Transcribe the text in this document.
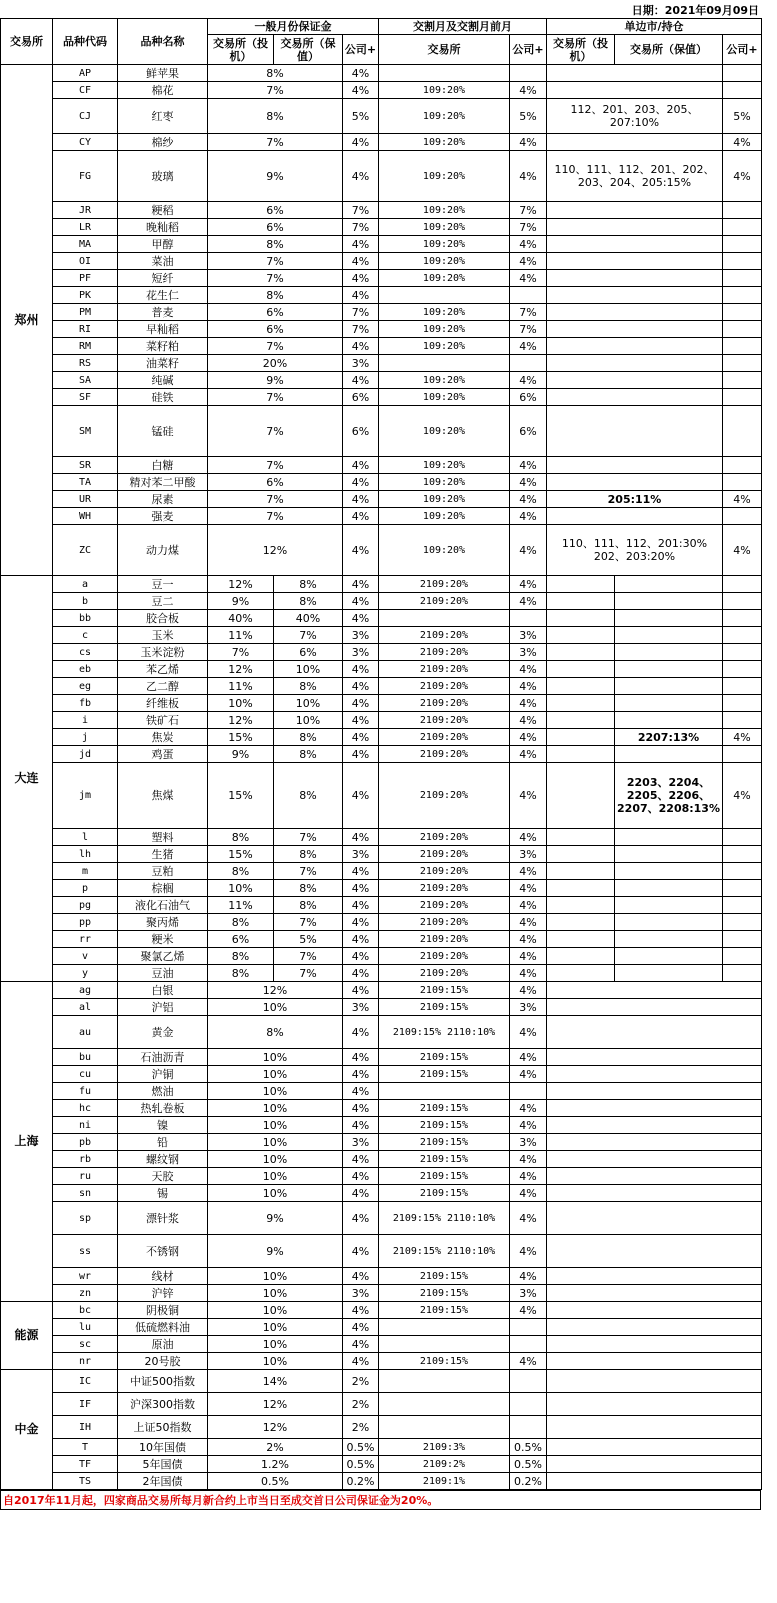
日期：2021年09月09日
交易所	品种代码	品种名称	一般月份保证金			交割月及交割月前月		单边市/持仓		
			交易所（投机）	交易所（保值）	公司+	交易所	公司+	交易所（投机）	交易所（保值）	公司+
郑州	AP	鲜苹果	8%		4%					
	CF	棉花	7%		4%	109:20%	4%			
	CJ	红枣	8%		5%	109:20%	5%	112、201、203、205、207:10%		5%
	CY	棉纱	7%		4%	109:20%	4%			4%
	FG	玻璃	9%		4%	109:20%	4%	110、111、112、201、202、203、204、205:15%		4%
	JR	粳稻	6%		7%	109:20%	7%			
	LR	晚籼稻	6%		7%	109:20%	7%			
	MA	甲醇	8%		4%	109:20%	4%			
	OI	菜油	7%		4%	109:20%	4%			
	PF	短纤	7%		4%	109:20%	4%			
	PK	花生仁	8%		4%					
	PM	普麦	6%		7%	109:20%	7%			
	RI	早籼稻	6%		7%	109:20%	7%			
	RM	菜籽粕	7%		4%	109:20%	4%			
	RS	油菜籽	20%		3%					
	SA	纯碱	9%		4%	109:20%	4%			
	SF	硅铁	7%		6%	109:20%	6%			
	SM	锰硅	7%		6%	109:20%	6%			
	SR	白糖	7%		4%	109:20%	4%			
	TA	精对苯二甲酸	6%		4%	109:20%	4%			
	UR	尿素	7%		4%	109:20%	4%	205:11%		4%
	WH	强麦	7%		4%	109:20%	4%			
	ZC	动力煤	12%		4%	109:20%	4%	110、111、112、201:30% 202、203:20%		4%
大连	a	豆一	12%	8%	4%	2109:20%	4%			
	b	豆二	9%	8%	4%	2109:20%	4%			
	bb	胶合板	40%	40%	4%					
	c	玉米	11%	7%	3%	2109:20%	3%			
	cs	玉米淀粉	7%	6%	3%	2109:20%	3%			
	eb	苯乙烯	12%	10%	4%	2109:20%	4%			
	eg	乙二醇	11%	8%	4%	2109:20%	4%			
	fb	纤维板	10%	10%	4%	2109:20%	4%			
	i	铁矿石	12%	10%	4%	2109:20%	4%			
	j	焦炭	15%	8%	4%	2109:20%	4%		2207:13%	4%
	jd	鸡蛋	9%	8%	4%	2109:20%	4%			
	jm	焦煤	15%	8%	4%	2109:20%	4%		2203、2204、2205、2206、2207、2208:13%	4%
	l	塑料	8%	7%	4%	2109:20%	4%			
	lh	生猪	15%	8%	3%	2109:20%	3%			
	m	豆粕	8%	7%	4%	2109:20%	4%			
	p	棕榈	10%	8%	4%	2109:20%	4%			
	pg	液化石油气	11%	8%	4%	2109:20%	4%			
	pp	聚丙烯	8%	7%	4%	2109:20%	4%			
	rr	粳米	6%	5%	4%	2109:20%	4%			
	v	聚氯乙烯	8%	7%	4%	2109:20%	4%			
	y	豆油	8%	7%	4%	2109:20%	4%			
上海	ag	白银	12%		4%	2109:15%	4%			
	al	沪铝	10%		3%	2109:15%	3%			
	au	黄金	8%		4%	2109:15% 2110:10%	4%			
	bu	石油沥青	10%		4%	2109:15%	4%			
	cu	沪铜	10%		4%	2109:15%	4%			
	fu	燃油	10%		4%					
	hc	热轧卷板	10%		4%	2109:15%	4%			
	ni	镍	10%		4%	2109:15%	4%			
	pb	铅	10%		3%	2109:15%	3%			
	rb	螺纹钢	10%		4%	2109:15%	4%			
	ru	天胶	10%		4%	2109:15%	4%			
	sn	锡	10%		4%	2109:15%	4%			
	sp	漂针浆	9%		4%	2109:15% 2110:10%	4%			
	ss	不锈钢	9%		4%	2109:15% 2110:10%	4%			
	wr	线材	10%		4%	2109:15%	4%			
	zn	沪锌	10%		3%	2109:15%	3%			
能源	bc	阴极铜	10%		4%	2109:15%	4%			
	lu	低硫燃料油	10%		4%					
	sc	原油	10%		4%					
	nr	20号胶	10%		4%	2109:15%	4%			
中金	IC	中证500指数	14%		2%					
	IF	沪深300指数	12%		2%					
	IH	上证50指数	12%		2%					
	T	10年国债	2%		0.5%	2109:3%	0.5%			
	TF	5年国债	1.2%		0.5%	2109:2%	0.5%			
	TS	2年国债	0.5%		0.2%	2109:1%	0.2%			
自2017年11月起，四家商品交易所每月新合约上市当日至成交首日公司保证金为20%。
